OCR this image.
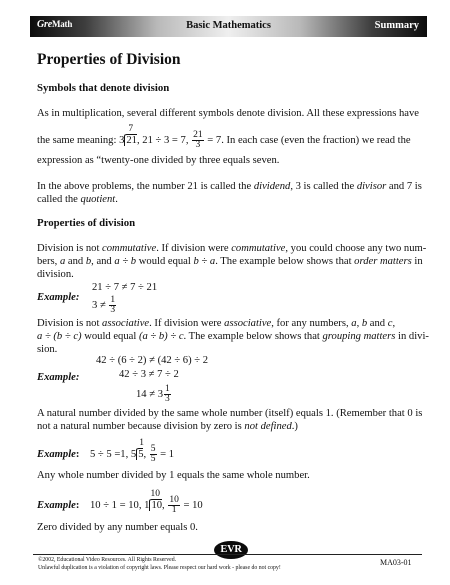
GreMath	Basic Mathematics	Summary
Properties of Division
Symbols that denote division
As in multiplication, several different symbols denote division. All these expressions have
the same meaning: $3 \frac{7}{21}$, 21 ÷ 3 = 7, $\frac{21}{3} = 7$. In each case (even the fraction) we read the
expression as “twenty-one divided by three equals seven.
In the above problems, the number 21 is called the dividend, 3 is called the divisor and 7 is
called the quotient.
Properties of division
Division is not commutative. If division were commutative, you could choose any two num-
bers, a and b, and a ÷ b would equal b ÷ a. The example below shows that order matters in
division.
21 ÷ 7 ≠ 7 ÷ 21
Example:
$3 \ne \frac{1}{3}$
Division is not associative. If division were associative, for any numbers, a, b and c,
a ÷ (b ÷ c) would equal (a ÷ b) ÷ c. The example below shows that grouping matters in divi-
sion.
42 ÷ (6 ÷ 2) ≠ (42 ÷ 6) ÷ 2
42 ÷ 3 ≠ 7 ÷ 2
Example:
$14 \ne 3 \frac{1}{3}$
A natural number divided by the same whole number (itself) equals 1. (Remember that 0 is
not a natural number because division by zero is not defined.)
Example: 5 ÷ 5 =1, $5 \frac{1}{5}$, $\frac{5}{5} = 1$
Any whole number divided by 1 equals the same whole number.
Example: 10 ÷ 1 = 10, $1 \frac{10}{10}$, $\frac{10}{1} = 10$
Zero divided by any number equals 0.
EVR
©2002, Educational Video Resources. All Rights Reserved.
Unlawful duplication is a violation of copyright laws. Please respect our hard work - please do not copy!
MA03-01
